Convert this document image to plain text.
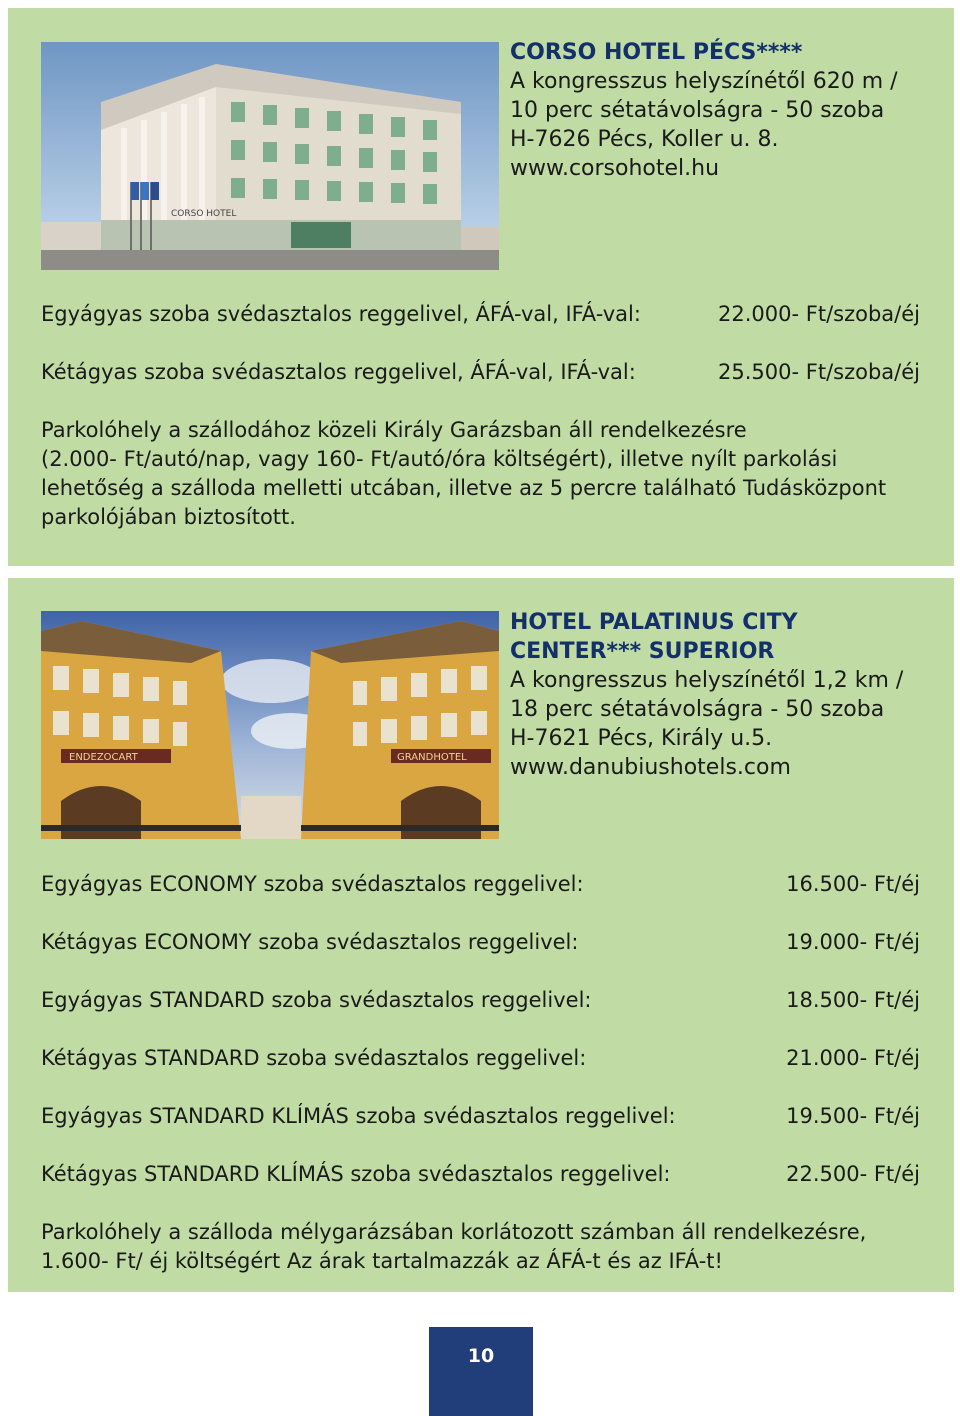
CORSO HOTEL
CORSO HOTEL PÉCS****
A kongresszus helyszínétől 620 m /
10 perc sétatávolságra - 50 szoba
H-7626 Pécs, Koller u. 8.
www.corsohotel.hu
Egyágyas szoba svédasztalos reggelivel, ÁFÁ-val, IFÁ-val:	22.000- Ft/szoba/éj
Kétágyas szoba svédasztalos reggelivel, ÁFÁ-val, IFÁ-val:	25.500- Ft/szoba/éj
Parkolóhely a szállodához közeli Király Garázsban áll rendelkezésre
(2.000- Ft/autó/nap, vagy 160- Ft/autó/óra költségért), illetve nyílt parkolási
lehetőség a szálloda melletti utcában, illetve az 5 percre található Tudásközpont
parkolójában biztosított.
ENDEZOCART	GRANDHOTEL
HOTEL PALATINUS CITY
CENTER*** SUPERIOR
A kongresszus helyszínétől 1,2 km /
18 perc sétatávolságra - 50 szoba
H-7621 Pécs, Király u.5.
www.danubiushotels.com
Egyágyas ECONOMY szoba svédasztalos reggelivel:	16.500- Ft/éj
Kétágyas ECONOMY szoba svédasztalos reggelivel:	19.000- Ft/éj
Egyágyas STANDARD szoba svédasztalos reggelivel:	18.500- Ft/éj
Kétágyas STANDARD szoba svédasztalos reggelivel:	21.000- Ft/éj
Egyágyas STANDARD KLÍMÁS szoba svédasztalos reggelivel:	19.500- Ft/éj
Kétágyas STANDARD KLÍMÁS szoba svédasztalos reggelivel:	22.500- Ft/éj
Parkolóhely a szálloda mélygarázsában korlátozott számban áll rendelkezésre,
1.600- Ft/ éj költségért Az árak tartalmazzák az ÁFÁ-t és az IFÁ-t!
10
